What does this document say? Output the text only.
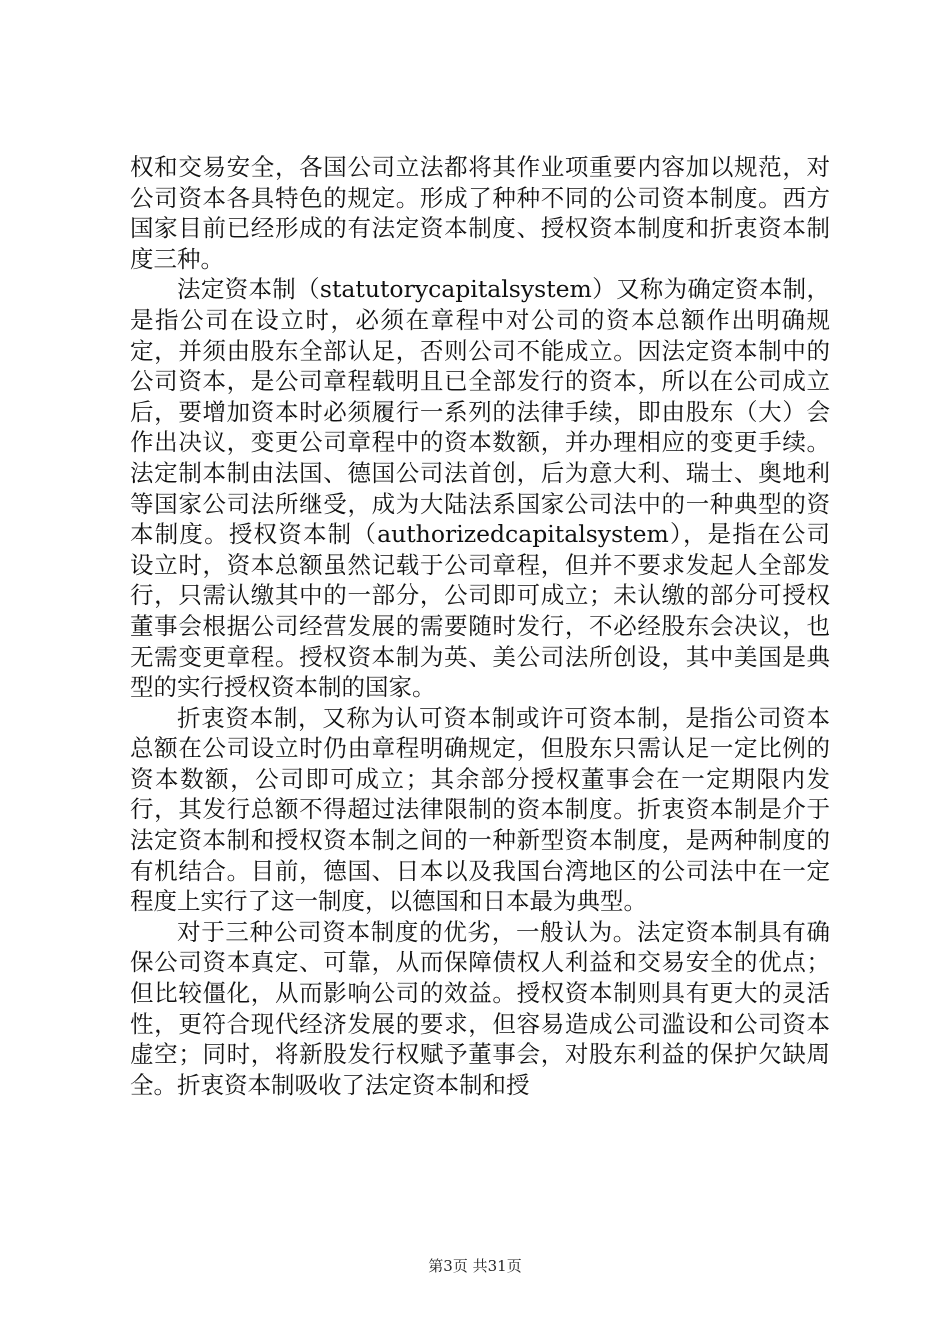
权和交易安全，各国公司立法都将其作业项重要内容加以规范，对公司资本各具特色的规定。形成了种种不同的公司资本制度。西方国家目前已经形成的有法定资本制度、授权资本制度和折衷资本制度三种。

法定资本制（statutorycapitalsystem）又称为确定资本制，是指公司在设立时，必须在章程中对公司的资本总额作出明确规定，并须由股东全部认足，否则公司不能成立。因法定资本制中的公司资本，是公司章程载明且已全部发行的资本，所以在公司成立后，要增加资本时必须履行一系列的法律手续，即由股东（大）会作出决议，变更公司章程中的资本数额，并办理相应的变更手续。法定制本制由法国、德国公司法首创，后为意大利、瑞士、奥地利等国家公司法所继受，成为大陆法系国家公司法中的一种典型的资本制度。授权资本制（authorizedcapitalsystem），是指在公司设立时，资本总额虽然记载于公司章程，但并不要求发起人全部发行，只需认缴其中的一部分，公司即可成立；未认缴的部分可授权董事会根据公司经营发展的需要随时发行，不必经股东会决议，也无需变更章程。授权资本制为英、美公司法所创设，其中美国是典型的实行授权资本制的国家。

折衷资本制，又称为认可资本制或许可资本制，是指公司资本总额在公司设立时仍由章程明确规定，但股东只需认足一定比例的资本数额，公司即可成立；其余部分授权董事会在一定期限内发行，其发行总额不得超过法律限制的资本制度。折衷资本制是介于法定资本制和授权资本制之间的一种新型资本制度，是两种制度的有机结合。目前，德国、日本以及我国台湾地区的公司法中在一定程度上实行了这一制度，以德国和日本最为典型。

对于三种公司资本制度的优劣，一般认为。法定资本制具有确保公司资本真定、可靠，从而保障债权人利益和交易安全的优点；但比较僵化，从而影响公司的效益。授权资本制则具有更大的灵活性，更符合现代经济发展的要求，但容易造成公司滥设和公司资本虚空；同时，将新股发行权赋予董事会，对股东利益的保护欠缺周全。折衷资本制吸收了法定资本制和授

第3页 共31页
